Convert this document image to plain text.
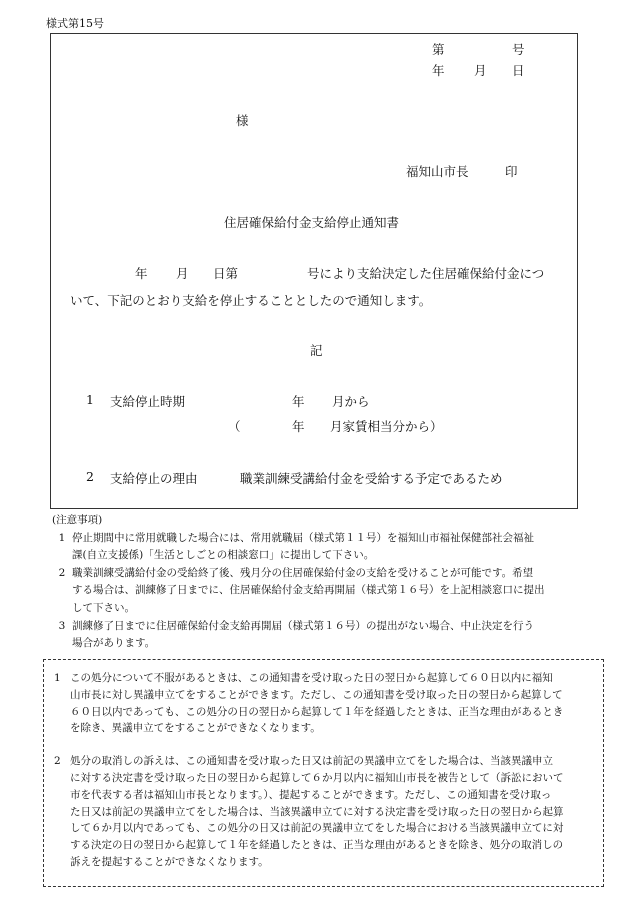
様式第15号
第	号
年 月 日
様
福知山市長	印
住居確保給付金支給停止通知書
年 月 日第	号により支給決定した住居確保給付金につ
いて、下記のとおり支給を停止することとしたので通知します。
記
1 支給停止時期	年 月から
（	年 月家賃相当分から）
2 支給停止の理由	職業訓練受講給付金を受給する予定であるため
(注意事項)
1 停止期間中に常用就職した場合には、常用就職届（様式第１１号）を福知山市福祉保健部社会福祉
課(自立支援係)「生活としごとの相談窓口」に提出して下さい。
2 職業訓練受講給付金の受給終了後、残月分の住居確保給付金の支給を受けることが可能です。希望
する場合は、訓練修了日までに、住居確保給付金支給再開届（様式第１６号）を上記相談窓口に提出
して下さい。
3 訓練修了日までに住居確保給付金支給再開届（様式第１６号）の提出がない場合、中止決定を行う
場合があります。
1 この処分について不服があるときは、この通知書を受け取った日の翌日から起算して６０日以内に福知
山市長に対し異議申立てをすることができます。ただし、この通知書を受け取った日の翌日から起算して
６０日以内であっても、この処分の日の翌日から起算して１年を経過したときは、正当な理由があるとき
を除き、異議申立てをすることができなくなります。
2 処分の取消しの訴えは、この通知書を受け取った日又は前記の異議申立てをした場合は、当該異議申立
に対する決定書を受け取った日の翌日から起算して６か月以内に福知山市長を被告として（訴訟において
市を代表する者は福知山市長となります。）、提起することができます。ただし、この通知書を受け取っ
た日又は前記の異議申立てをした場合は、当該異議申立てに対する決定書を受け取った日の翌日から起算
して６か月以内であっても、この処分の日又は前記の異議申立てをした場合における当該異議申立てに対
する決定の日の翌日から起算して１年を経過したときは、正当な理由があるときを除き、処分の取消しの
訴えを提起することができなくなります。
